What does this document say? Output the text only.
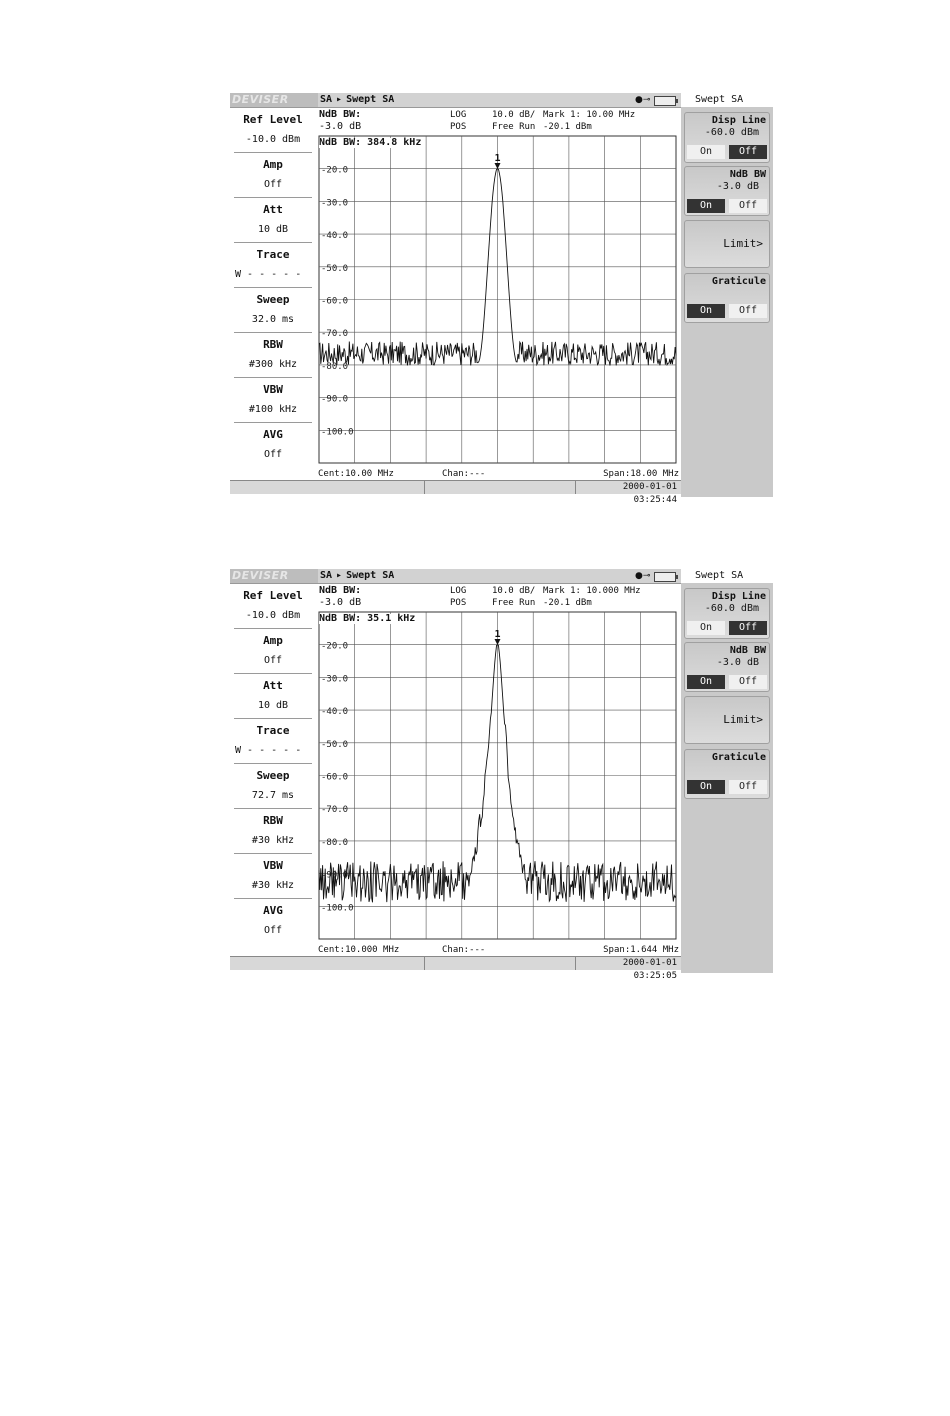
DEVISER	SA ▸ Swept SA	●⊸
Ref Level
-10.0 dBm
Amp
Off
Att
10 dB
Trace
W - - - - -
Sweep
32.0 ms
RBW
#300 kHz
VBW
#100 kHz
AVG
Off
NdB BW:
-3.0 dB
LOG	10.0 dB/ Mark 1: 10.00 MHz
POS	Free Run -20.1 dBm
-20.0
-30.0
-40.0
-50.0
-60.0
-70.0
-80.0
-90.0
-100.0
1
NdB BW: 384.8 kHz
Cent:10.00 MHz	Chan:---	Span:18.00 MHz
2000-01-01 03:25:44
Swept SA
Disp Line
-60.0 dBm
On	Off
NdB BW
-3.0 dB
On	Off
Limit>
Graticule
On	Off
DEVISER	SA ▸ Swept SA	●⊸
Ref Level
-10.0 dBm
Amp
Off
Att
10 dB
Trace
W - - - - -
Sweep
72.7 ms
RBW
#30 kHz
VBW
#30 kHz
AVG
Off
NdB BW:
-3.0 dB
LOG	10.0 dB/ Mark 1: 10.000 MHz
POS	Free Run -20.1 dBm
-20.0
-30.0
-40.0
-50.0
-60.0
-70.0
-80.0
-90.0
-100.0
1
NdB BW: 35.1 kHz
Cent:10.000 MHz	Chan:---	Span:1.644 MHz
2000-01-01 03:25:05
Swept SA
Disp Line
-60.0 dBm
On	Off
NdB BW
-3.0 dB
On	Off
Limit>
Graticule
On	Off
